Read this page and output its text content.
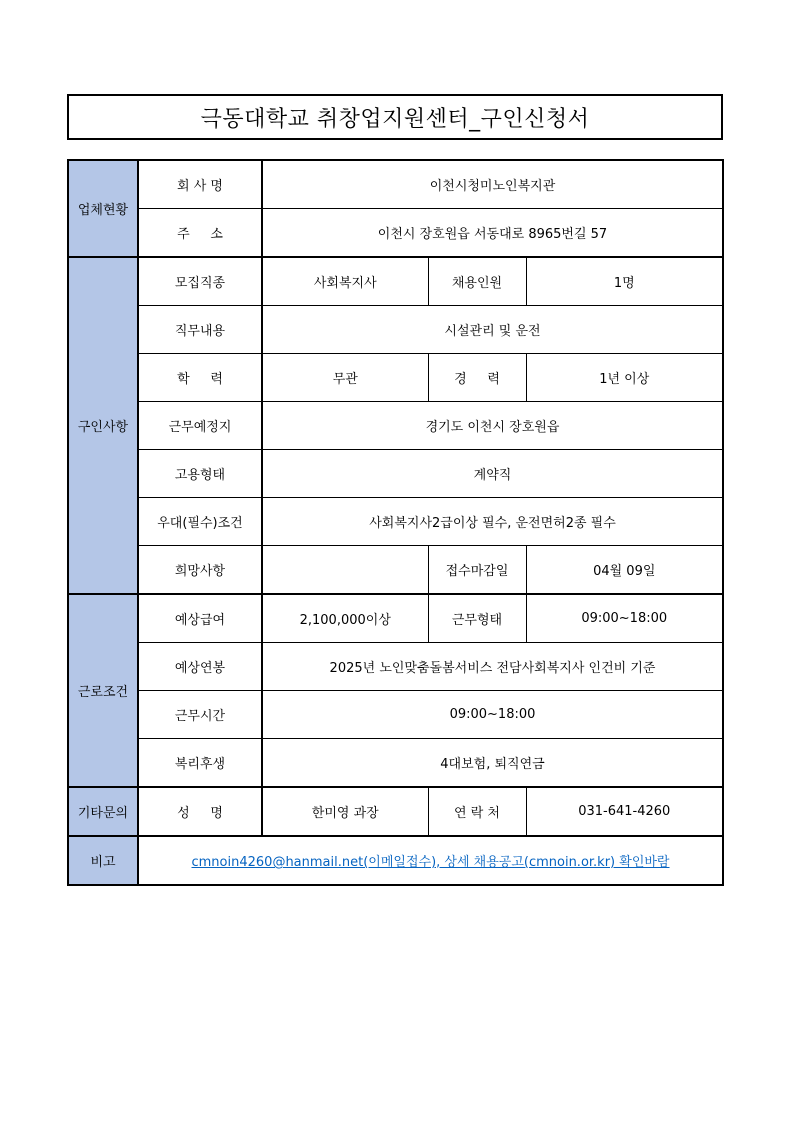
극동대학교 취창업지원센터_구인신청서
업체현황	회 사 명	이천시청미노인복지관		
	주     소	이천시 장호원읍 서동대로 8965번길 57		
구인사항	모집직종	사회복지사	채용인원	1명
	직무내용	시설관리 및 운전		
	학     력	무관	경     력	1년 이상
	근무예정지	경기도 이천시 장호원읍		
	고용형태	계약직		
	우대(필수)조건	사회복지사2급이상 필수, 운전면허2종 필수		
	희망사항		접수마감일	04월 09일
근로조건	예상급여	2,100,000이상	근무형태	09:00~18:00
	예상연봉	2025년 노인맞춤돌봄서비스 전담사회복지사 인건비 기준		
	근무시간	09:00~18:00		
	복리후생	4대보험, 퇴직연금		
기타문의	성     명	한미영 과장	연 락 처	031-641-4260
비고	cmnoin4260@hanmail.net(이메일접수), 상세 채용공고(cmnoin.or.kr) 확인바람			
